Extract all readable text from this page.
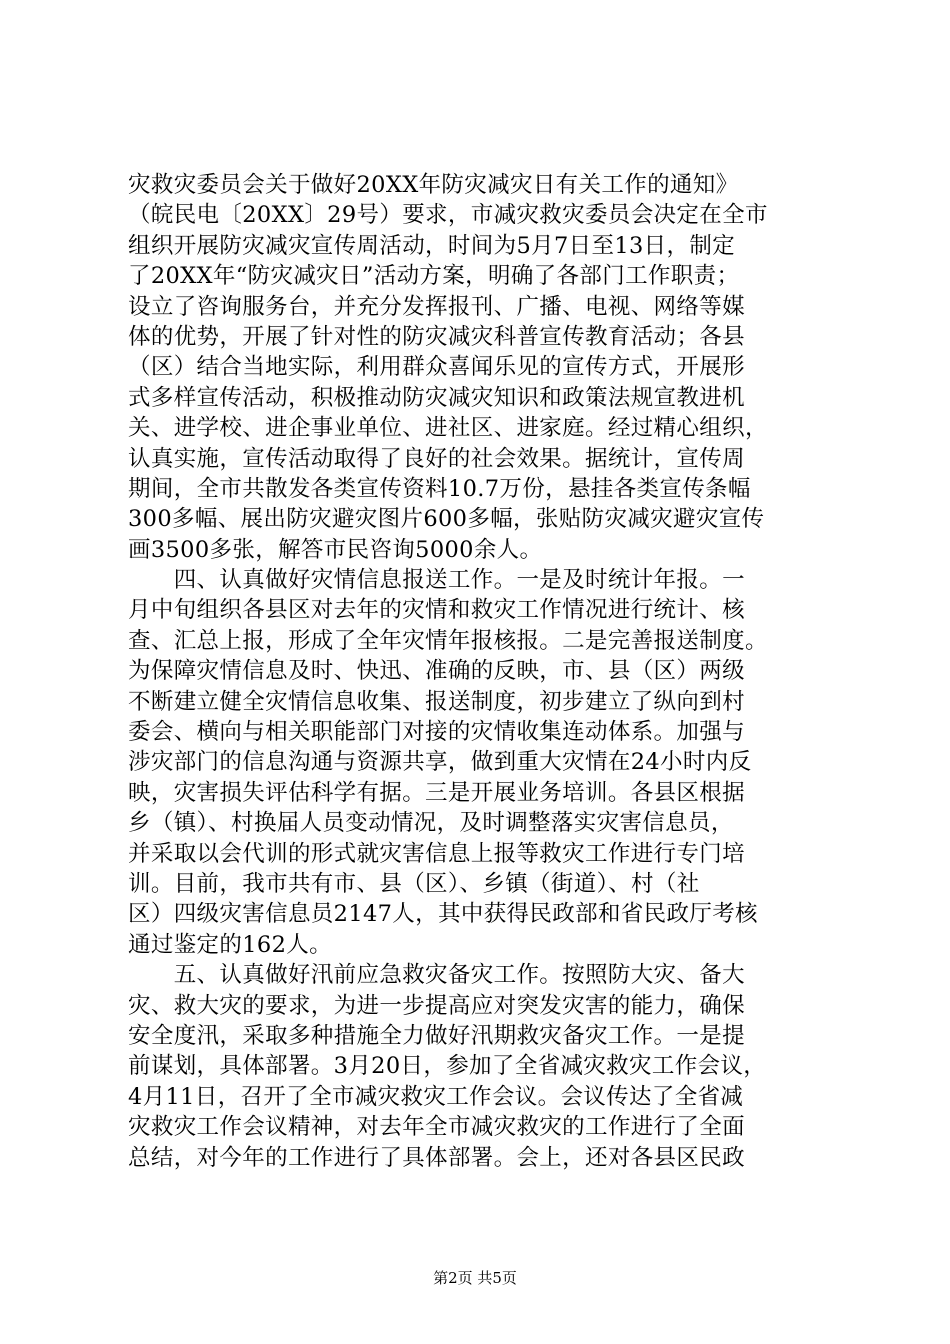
灾救灾委员会关于做好20XX年防灾减灾日有关工作的通知》
（皖民电〔20XX〕29号）要求，市减灾救灾委员会决定在全市
组织开展防灾减灾宣传周活动，时间为5月7日至13日，制定
了20XX年“防灾减灾日”活动方案，明确了各部门工作职责；
设立了咨询服务台，并充分发挥报刊、广播、电视、网络等媒
体的优势，开展了针对性的防灾减灾科普宣传教育活动；各县
（区）结合当地实际，利用群众喜闻乐见的宣传方式，开展形
式多样宣传活动，积极推动防灾减灾知识和政策法规宣教进机
关、进学校、进企事业单位、进社区、进家庭。经过精心组织，
认真实施，宣传活动取得了良好的社会效果。据统计，宣传周
期间，全市共散发各类宣传资料10.7万份，悬挂各类宣传条幅
300多幅、展出防灾避灾图片600多幅，张贴防灾减灾避灾宣传
画3500多张，解答市民咨询5000余人。
　　四、认真做好灾情信息报送工作。一是及时统计年报。一
月中旬组织各县区对去年的灾情和救灾工作情况进行统计、核
查、汇总上报，形成了全年灾情年报核报。二是完善报送制度。
为保障灾情信息及时、快迅、准确的反映，市、县（区）两级
不断建立健全灾情信息收集、报送制度，初步建立了纵向到村
委会、横向与相关职能部门对接的灾情收集连动体系。加强与
涉灾部门的信息沟通与资源共享，做到重大灾情在24小时内反
映，灾害损失评估科学有据。三是开展业务培训。各县区根据
乡（镇）、村换届人员变动情况，及时调整落实灾害信息员，
并采取以会代训的形式就灾害信息上报等救灾工作进行专门培
训。目前，我市共有市、县（区）、乡镇（街道）、村（社
区）四级灾害信息员2147人，其中获得民政部和省民政厅考核
通过鉴定的162人。
　　五、认真做好汛前应急救灾备灾工作。按照防大灾、备大
灾、救大灾的要求，为进一步提高应对突发灾害的能力，确保
安全度汛，采取多种措施全力做好汛期救灾备灾工作。一是提
前谋划，具体部署。3月20日，参加了全省减灾救灾工作会议，
4月11日，召开了全市减灾救灾工作会议。会议传达了全省减
灾救灾工作会议精神，对去年全市减灾救灾的工作进行了全面
总结，对今年的工作进行了具体部署。会上，还对各县区民政
第2页 共5页
